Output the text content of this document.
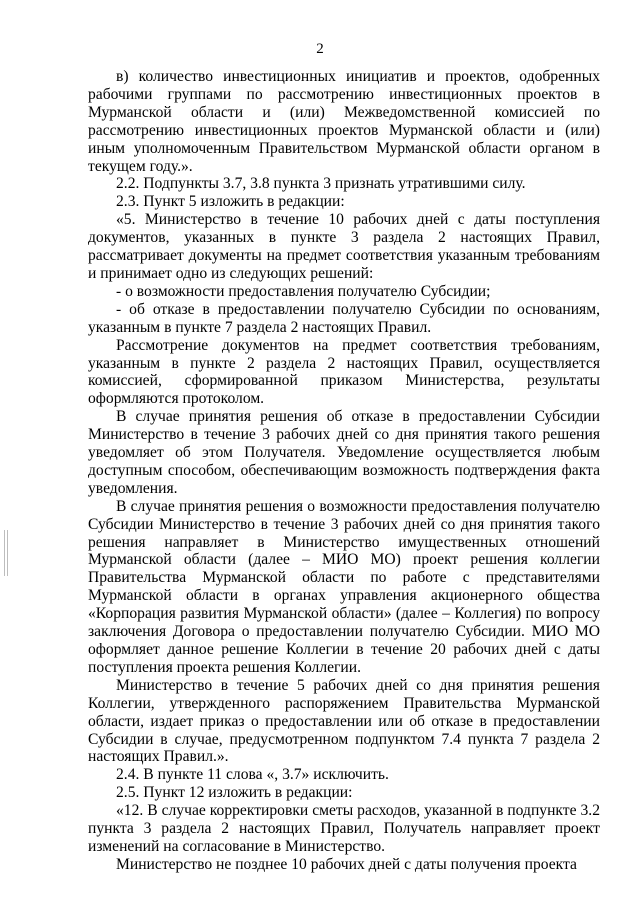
2

в) количество инвестиционных инициатив и проектов, одобренных рабочими группами по рассмотрению инвестиционных проектов в Мурманской области и (или) Межведомственной комиссией по рассмотрению инвестиционных проектов Мурманской области и (или) иным уполномоченным Правительством Мурманской области органом в текущем году.».

2.2. Подпункты 3.7, 3.8 пункта 3 признать утратившими силу.

2.3. Пункт 5 изложить в редакции:

«5. Министерство в течение 10 рабочих дней с даты поступления документов, указанных в пункте 3 раздела 2 настоящих Правил, рассматривает документы на предмет соответствия указанным требованиям и принимает одно из следующих решений:

- о возможности предоставления получателю Субсидии;

- об отказе в предоставлении получателю Субсидии по основаниям, указанным в пункте 7 раздела 2 настоящих Правил.

Рассмотрение документов на предмет соответствия требованиям, указанным в пункте 2 раздела 2 настоящих Правил, осуществляется комиссией, сформированной приказом Министерства, результаты оформляются протоколом.

В случае принятия решения об отказе в предоставлении Субсидии Министерство в течение 3 рабочих дней со дня принятия такого решения уведомляет об этом Получателя. Уведомление осуществляется любым доступным способом, обеспечивающим возможность подтверждения факта уведомления.

В случае принятия решения о возможности предоставления получателю Субсидии Министерство в течение 3 рабочих дней со дня принятия такого решения направляет в Министерство имущественных отношений Мурманской области (далее – МИО МО) проект решения коллегии Правительства Мурманской области по работе с представителями Мурманской области в органах управления акционерного общества «Корпорация развития Мурманской области» (далее – Коллегия) по вопросу заключения Договора о предоставлении получателю Субсидии. МИО МО оформляет данное решение Коллегии в течение 20 рабочих дней с даты поступления проекта решения Коллегии.

Министерство в течение 5 рабочих дней со дня принятия решения Коллегии, утвержденного распоряжением Правительства Мурманской области, издает приказ о предоставлении или об отказе в предоставлении Субсидии в случае, предусмотренном подпунктом 7.4 пункта 7 раздела 2 настоящих Правил.».

2.4. В пункте 11 слова «, 3.7» исключить.

2.5. Пункт 12 изложить в редакции:

«12. В случае корректировки сметы расходов, указанной в подпункте 3.2 пункта 3 раздела 2 настоящих Правил, Получатель направляет проект изменений на согласование в Министерство.

Министерство не позднее 10 рабочих дней с даты получения проекта
